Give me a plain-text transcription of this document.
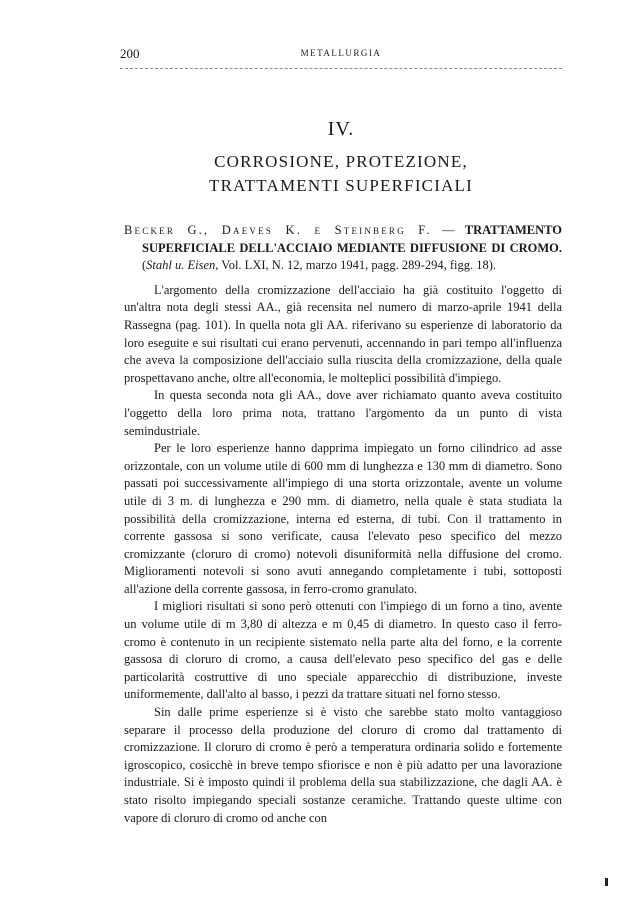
200	METALLURGIA
IV.
CORROSIONE, PROTEZIONE,
TRATTAMENTI SUPERFICIALI

Becker G., Daeves K. e Steinberg F. — TRATTAMENTO SUPERFICIALE DELL'ACCIAIO MEDIANTE DIFFUSIONE DI CROMO. (Stahl u. Eisen, Vol. LXI, N. 12, marzo 1941, pagg. 289-294, figg. 18).

L'argomento della cromizzazione dell'acciaio ha già costituito l'oggetto di un'altra nota degli stessi AA., già recensita nel numero di marzo-aprile 1941 della Rassegna (pag. 101). In quella nota gli AA. riferivano su esperienze di laboratorio da loro eseguite e sui risultati cui erano pervenuti, accennando in pari tempo all'influenza che aveva la composizione dell'acciaio sulla riuscita della cromizzazione, della quale prospettavano anche, oltre all'economia, le molteplici possibilità d'impiego.

In questa seconda nota gli AA., dove aver richiamato quanto aveva costituito l'oggetto della loro prima nota, trattano l'argomento da un punto di vista semindustriale.

Per le loro esperienze hanno dapprima impiegato un forno cilindrico ad asse orizzontale, con un volume utile di 600 mm di lunghezza e 130 mm di diametro. Sono passati poi successivamente all'impiego di una storta orizzontale, avente un volume utile di 3 m. di lunghezza e 290 mm. di diametro, nella quale è stata studiata la possibilità della cromizzazione, interna ed esterna, di tubi. Con il trattamento in corrente gassosa si sono verificate, causa l'elevato peso specifico del mezzo cromizzante (cloruro di cromo) notevoli disuniformità nella diffusione del cromo. Miglioramenti notevoli si sono avuti annegando completamente i tubi, sottoposti all'azione della corrente gassosa, in ferro-cromo granulato.

I migliori risultati si sono però ottenuti con l'impiego di un forno a tino, avente un volume utile di m 3,80 di altezza e m 0,45 di diametro. In questo caso il ferro-cromo è contenuto in un recipiente sistemato nella parte alta del forno, e la corrente gassosa di cloruro di cromo, a causa dell'elevato peso specifico del gas e delle particolarità costruttive di uno speciale apparecchio di distribuzione, investe uniformemente, dall'alto al basso, i pezzi da trattare situati nel forno stesso.

Sin dalle prime esperienze si è visto che sarebbe stato molto vantaggioso separare il processo della produzione del cloruro di cromo dal trattamento di cromizzazione. Il cloruro di cromo è però a temperatura ordinaria solido e fortemente igroscopico, cosicchè in breve tempo sfiorisce e non è più adatto per una lavorazione industriale. Si è imposto quindi il problema della sua stabilizzazione, che dagli AA. è stato risolto impiegando speciali sostanze ceramiche. Trattando queste ultime con vapore di cloruro di cromo od anche con
